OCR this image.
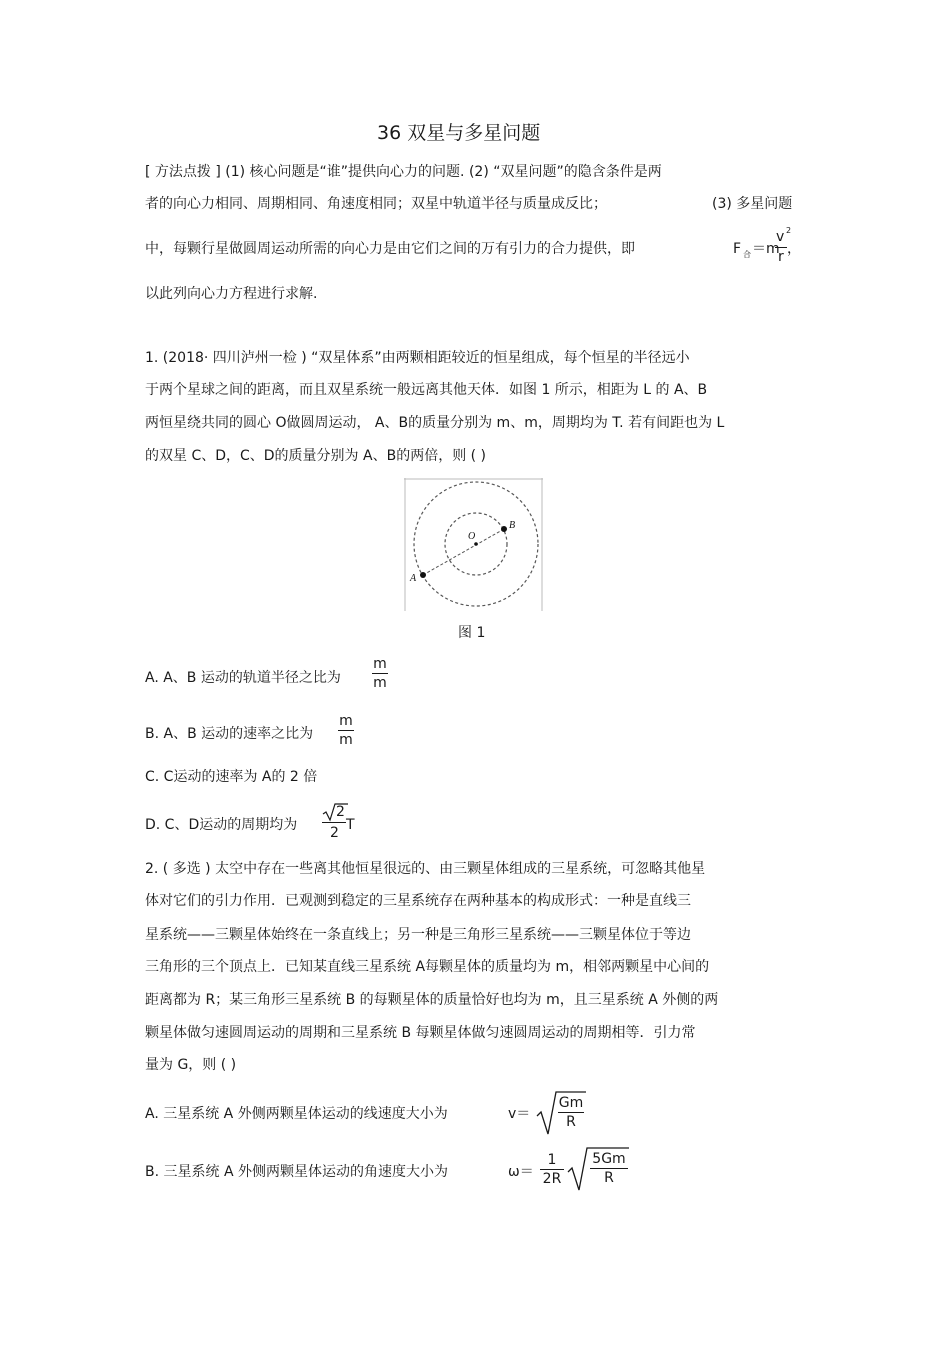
36 双星与多星问题
[ 方法点拨 ] (1) 核心问题是“谁”提供向心力的问题. (2) “双星问题”的隐含条件是两
者的向心力相同、周期相同、角速度相同；双星中轨道半径与质量成反比；	(3) 多星问题
中，每颗行星做圆周运动所需的向心力是由它们之间的万有引力的合力提供，即	F 合 ＝m
v 2
r ，
以此列向心力方程进行求解.
1. (2018· 四川泸州一检 ) “双星体系”由两颗相距较近的恒星组成，每个恒星的半径远小
于两个星球之间的距离，而且双星系统一般远离其他天体．如图 1 所示，相距为 L 的 A、B
两恒星绕共同的圆心 O做圆周运动， A、B的质量分别为 m、m，周期均为 T. 若有间距也为 L
的双星 C、D，C、D的质量分别为 A、B的两倍，则 ( )
O
A
B
图 1
A. A、B 运动的轨道半径之比为
m
m
B. A、B 运动的速率之比为
m
m
C. C运动的速率为 A的 2 倍
D. C、D运动的周期均为
2
2 T
2. ( 多选 ) 太空中存在一些离其他恒星很远的、由三颗星体组成的三星系统，可忽略其他星
体对它们的引力作用．已观测到稳定的三星系统存在两种基本的构成形式：一种是直线三
星系统——三颗星体始终在一条直线上；另一种是三角形三星系统——三颗星体位于等边
三角形的三个顶点上．已知某直线三星系统 A每颗星体的质量均为 m，相邻两颗星中心间的
距离都为 R；某三角形三星系统 B 的每颗星体的质量恰好也均为 m，且三星系统 A 外侧的两
颗星体做匀速圆周运动的周期和三星系统 B 每颗星体做匀速圆周运动的周期相等．引力常
量为 G，则 ( )
A. 三星系统 A 外侧两颗星体运动的线速度大小为	v＝
Gm
R
B. 三星系统 A 外侧两颗星体运动的角速度大小为	ω＝
1
2R
5Gm
R
